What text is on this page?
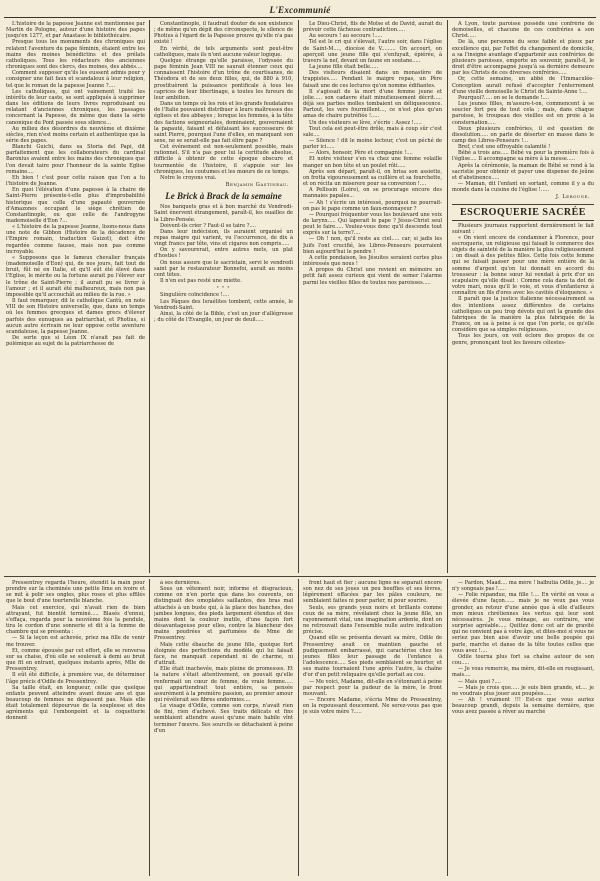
L'Excommunié

L'histoire de la papesse Jeanne est mentionnée par Martin de Pologne, auteur d'une histoire des papes jusqu'en 1277, et par Anastase le bibliothécaire.

Presque tous les monuments des chroniques qui relatent l'aventure du pape féminin, étaient entre les mains des moines bénédictins et des prélats catholiques. Tous les rédacteurs des anciennes chroniques sont des clercs, des moines, des abbés....

Comment supposer qu'ils les eussent admis pour y consigner une fait faux et scandaleux à leur religion, tel que le roman de la papesse Jeanne ?....

Les catholiques, qui ont vainement traité les intérêts de leur caste, se sont appliqués à supprimer dans les éditions de leurs livres reproduisant ou relatant d'anciennes chroniques, les passages concernant la Papesse, de même que dans la série canonique du Pont passée sous silence...

Au milieu des désordres du neuvième et dixième siècles, rien n'est moins certain et authentique que la série des papes.

Blanchi Guichi, dans sa Storia del Papi, dit parfaitement que les collaborateurs du cardinal Baronius avaient entre les mains des chroniques que l'on devait taire pour l'honneur de la sainte Eglise romaine....

Eh bien ! c'est pour cette raison que l'on a tu l'histoire de Jeanne.

En quoi l'élévation d'une papesse à la chaire de Saint-Pierre présente-t-elle plus d'improbabilité historique que celle d'une papauté gouvernée d'Amazones occupant le siège chrétien de Constantinople, ou que celle de l'androgyne mademoiselle d'Eon ?...

« L'histoire de la papesse Jeanne, lisons-nous dans une note de Gibbon (Histoire de la décadence de l'Empire romain, traduction Guizot), doit être regardée comme fausse, mais non pas comme incroyable.

« Supposons que le fameux chevalier français (mademoiselle d'Eon) qui, de nos jours, fait tout de bruit, fût né en Italie, et qu'il eût été élevé dans l'Eglise, le mérite ou la fortune aurait pu l'élever sur le trône de Saint-Pierre ; il aurait pu se livrer à l'amour ; et il aurait été malheureux, mais non pas impossible qu'il accouchât au milieu de la rue. »

Il faut remarquer, dit le catholique Cantù, en note VIII de son Histoire universelle, que, dans un temps où les femmes grecques et dames grecs d'élever parfois des eunuques au patriarchat, et Photius, si aucun autre écrivain ne leur oppose cette aventure scandaleuse, la papesse Jeanne.

De sorte que si Léon IX n'avait pas fait de polémique au sujet de la patriarchesse de

Constantinople, il faudrait douter de son existence ; de même qu'en dépit des circonspecte, le silence de Photius à l'égard de la Papesse prouve qu'elle n'a pas existé !

En vérité, de tels arguments sont peut-être catholiques, mais ils n'ont aucune valeur logique.

Quelque étrange qu'elle paraisse, l'odyssée du pape féminin Jean VIII ne saurait étonner ceux qui connaissent l'histoire d'un trône de courtisanes, de Théodora et de ses deux filles, qui, de 880 à 910, prostituèrent la puissance pontificale à tous les caprices de leur libertinage, à toutes les fureurs de leur ambition.

Dans un temps où les rois et les grands feudataires de l'Italie pouvaient distribuer à leurs maîtresses des églises et des abbayes ; lorsque les femmes, à la tête des factions seigneuriales, dominaient, gouvernaient la papauté, faisant et défaisant les successeurs de saint Pierre, pourquoi l'une d'elles, en manquant son sexe, ne se serait-elle pas fait élire pape ?

Cet événement est non-seulement possible, mais rationnel. S'il n'a pas pour lui la certitude absolue, difficile à obtenir de cette époque obscure et tourmentée de l'histoire, il s'appuie sur les chroniques, les coutumes et les mœurs de ce temps.

Notre le croyons vrai.

Benjamin Gastineau.
Le Brick à Brack de la semaine

Nos banquets gras et à bon marché du Vendredi-Saint énervent étrangement, paraît-il, les ouailles de la Libre-Pensée.

Doivent-ils crier ? Faut-il se taire ?....

Dans leur indécision, ils auraient organisé un repas maigre qui varient, vu l'occurrence, de dix à vingt francs par tête, vins et cigares non compris.....

On y savourerait, entre autres mets, un plat d'hosties !

On nous assure que le sacristain, servi le vendredi saint par le restaurateur Bonnefoi, aurait au moins cent têtes.

Il n'en est pas resté une miette.

* * *

Singulière coïncidence !....

Les Pâques des Israélites tombent, cette année, le Vendredi-Saint.

Ainsi, la côté de la Bible, c'est un jour d'allégresse ; du côté de l'Evangile, un jour de deuil.....

Le Dieu-Christ, fils de Moïse et de David, aurait du prévoir cette fâcheuse contradiction.....

Au secours ! au secours !.....

Tel est le cri qui s'élevait, l'autre soir, dans l'église de Saint-M...., diocèse de V......... On accourt, on aperçoit une jeune fille qui s'enfuyait, épiérée, à travers la nef, devant un faune en soutane.....

La jeune fille était belle.....

Des visiteurs disaient dans un monastère de trappistes..... Pendant le maigre repas, un Père faisait une de ces lectures qu'on nomme édifiantes.

Il s'agissait de la mort d'une femme jeune et jolie..... son cadavre était minutieusement décrit..... déjà ses parties molles tombaient en déliquescence. Partout, les vers fourmillent..., ce n'est plus qu'un amas de chaire putréfiée !.....

Un des visiteurs se lève, s'écrie : Assez !.....

Tout cela est peut-être drôle, mais à coup sûr c'est sale....

— Silence ! dit le moine lecteur, c'est un péché de parler ici.....

— Alors, bonsoir, Père et compagnie !....

Et notre visiteur s'en va chez une femme volaille manger un bon tête et un poulet rôti.....

Après son départ, paraît-il, on brisa son assiette, on frotta vigoureusement sa cuillère et sa fourchette, et on récita un miserere pour sa conversion !....

A Pellissin (Loire), on se procurage encore des mannaies papales...

— Ah ! s'écrie un intéressé, pourquoi ne pourrait-on pas le pape comme un faux-monnayeur ?

— Pourquoi fréquenter vous les boulevard une voix de larynx..... Qui laperait le pape ? Jésus-Christ seul peut le faire..... Voulez-vous donc qu'il descende tout exprès sur la terre?....

— Oh ! non, qu'il reste au ciel..... car, si jadis les Juifs l'ont crucifié, les Libres-Penseurs pourraient bien aujourd'hui le pendre !

A cette pondaison, les Jésuites seraient certes plus intéressés que nous !

A propos du Christ une revient en mémoire un petit fait assez curieux qui vient de semer l'alarme parmi les vieilles filles de toutes nos paroisses.....

A Lyon, toute paroisse possède une confrérie de demoiselles, et chacune de ces confréries a son Christ.....

De là, une personne du sexe faible et pieux par excellence qui, par l'effet du changement de domicile, a sa l'insigne avantage d'appartenir aux confréries de plusieurs paroisses, emporte un souvenir, paraît-il, le droit d'être accompagné jusqu'à sa dernière demeure par les Christs de ces diverses confréries.....

Or, cette semaine, un abbé de l'Immaculée-Conception aurait refusé d'accepter l'enterrement d'une vieille demoiselle le Christ de Sainte-Anne !....

Pourquoi?..... on se le demande !....

Les jeunes filles, m'assure-t-on, commencent à se soucier fort peu de tout cela ; mais, dans chaque paroisse, le troupeau des vieilles est en proie à la consternation.....

Deux plusieurs confréries, il est question de dissolution..... on parle de déserter en masse dans le camp des Libres-Penseurs !...

Bref, c'est une effroyable calamité !

Bébé a trois ans..... Bébé va pour la première fois à l'église.... Il accompagne sa mère à la messe.....

Après la cérémonie, la maman de Bébé se rend à la sacristie pour obtenir et payer une dispense de jeûne et d'abstinence.....

— Maman, dit l'enfant en sortant, comme il y a du monde dans la cuisine de l'église !.....

J. Lerouge.
ESCROQUERIE SACRÉE

Plusieurs journaux rapportent dernièrement le fait suivant :

« On vient encore de condamner à Florence, pour escroquerie, un religieuse qui faisait le commerce des objets de sainteté de la manière la plus religieusement : on disait à des petites filles. Cette fois cette femme qui se faisait passer pour une mère entière de la somme d'argent qu'on lui donnait en accord du trousseur : la bonne sœur lui vendait à prix d'or un scapulaire qu'elle disait : Comme cela dans ta dot de votre mari, nous qu'il le voie, et vous d'enfanterez à connaître un fils d'ores avec les cavités d'éloquence. »

Il paraît que la justice italienne nécessairement sa des intentions assez différentes de certains catholiques un peu trop dévots qui ont la grande des fabriques de la manière la plus fabriquée de la France, on sa à peine à ce que l'on porte, ce qu'elle considère que sa simples religieuses.

Tous les jours, on voit éclore des propos de ce genre, prononçant tout les faveurs célestes-

Pressentrey regarda l'heure, étendit la main pour prendre sur la cheminée une petite lime en ivoire et se mit à polir ses ongles, plus roses et plus effilés que le bout d'une tourterelle blanche.

Mais cet exercice, qui n'avait rien de bien attrayant, fut bientôt terminé..... Blasés d'ennui, s'effaça, regarda pour la neuvième fois la pendule, tira le cordon d'une sonnerie et dit à la femme de chambre qui se présenta :

— Si la leçon est achevée, priez ma fille de venir me trouver.

Et, comme épousée par cet effort, elle se renversa sur sa chaise, d'où elle se soulevait à demi au bruit que fit en entrant, quelques instants après, Mlle de Pressentrey.

Il eût été difficile, à première vue, de déterminer l'âge précis d'Odile de Pressentrey.

Sa taille était, en longueur, celle que quelque enfants peuvent atteindre avant douze ans et que beaucoup de femmes ne dépassent pas. Mais elle était totalement dépourvue de la souplesse et des agréments qui l'embonpoint et la coquetterie donnent

à ses dernières.

Sous un vêtement noir, informe et disgracieux, comme on n'en porte que dans les couvents, on distinguait des omoplates saillantes, des bras mal attachés à un buste qui, à la place des hanches, des jambes longues, des pieds largement étendus et des mains dont la couleur inutile, d'une façon fort désavantageuse pour elles, contre la blancheur des mains poudrées et parfumées de Mme de Pressentrey.

Mais cette ébauche de jeune fille, quoique fort éloignée des perfections du modèle qui lui faisait face, ne manquait cependant ni de charme, ni d'attrait.

Elle était inachevée, mais pleine de promesses. Et la nature s'était attentivement, on pouvait qu'elle renfermait un cœur de femme, de vraie femme..... qui appartiendrait tout entière, sa pensée assurément à la première passion, au premier amour qui révélerait ses fibres endormies....

Le visage d'Odile, comme son corps, n'avait rien de fini, rien d'achevé. Ses traits délicats et fins semblaient attendre aussi qu'une main habile vînt terminer l'œuvre. Ses sourcils se détachaient à peine d'un

front haut et fier ; aucune ligne ne séparait encore son nez de ses joues un peu bouffies et ses lèvres, légèrement effacées par les pâles couleurs, ne semblaient faites ni pour parler, ni pour sourire.

Seuls, ses grands yeux noirs et brillants comme ceux de sa mère, révélaient chez la jeune fille, un rayonnement vital, une imagination ardente, dont on ne retrouvait dans l'ensemble nulle autre indication précise.

Quand elle se présenta devant sa mère, Odile de Pressentrey avait ce maintien gauche et pudiquement embarrassé, qui caractérise chez les jeunes filles leur passage de l'enfance à l'adolescence..... Ses pieds semblaient se heurter, et ses mains tournaient l'une après l'autre, la chaîne d'or d'un petit reliquaire qu'elle portait au cou.

— Me voici, Madame, dit-elle en s'étonnant à peine par respect pour la pudeur de la mère, le front mouvant.

— Encore Madame, s'écria Mme de Pressentrey, en la repoussant doucement. Ne serez-vous pas que je suis votre mère ?.....

— Pardon, Maad.... ma mère ! balbutia Odile, je.... je n'y songeais pas !.....

— Folie répandue, ma fille !.... En vérité on vous a élevée d'une façon...... mais je ne veux pas vous gronder, au retour d'une année que à elle d'ailleurs mon mieux chrétiennes les vertus qui leur sont nécessaires. Je vous ménage, au contraire, une surprise agréable..... Quittez donc cet air de gravité qui ne convient pas à votre âge, et dites-moi si vous ne seriez pas bien aise d'avoir une belle poupée qui parle, marche et danse de la tête toutes celles que vous avez !....

Odile tourna plus fort sa chaîne autour de son cou.....

— Je vous remercie, ma mère, dit-elle en rougissant, mais....

— Mais quoi ?....

— Mais je crois que..... je suis bien grande, et.... je ne voudrais plus jouer aux poupées.....

— Ah ! vraiment !!! Est-ce que vous auriez beaucoup grandi, depuis la semaine dernière, que vous avez passée à rêver au marché
